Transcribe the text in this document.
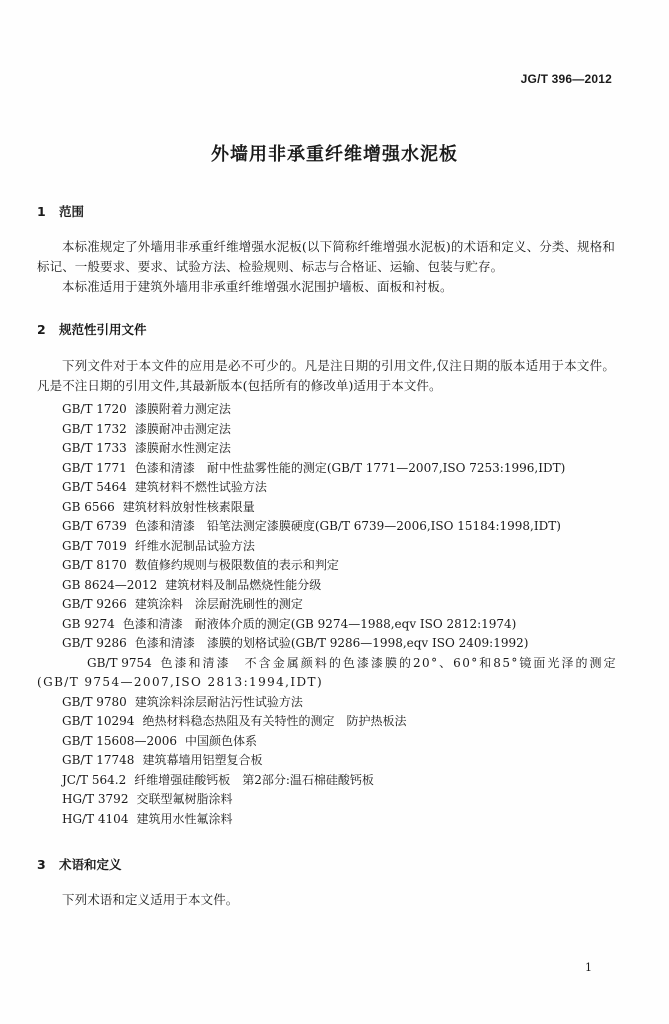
JG/T 396—2012
外墙用非承重纤维增强水泥板
1 范围
本标准规定了外墙用非承重纤维增强水泥板(以下简称纤维增强水泥板)的术语和定义、分类、规格和标记、一般要求、要求、试验方法、检验规则、标志与合格证、运输、包装与贮存。
本标准适用于建筑外墙用非承重纤维增强水泥围护墙板、面板和衬板。
2 规范性引用文件
下列文件对于本文件的应用是必不可少的。凡是注日期的引用文件,仅注日期的版本适用于本文件。凡是不注日期的引用文件,其最新版本(包括所有的修改单)适用于本文件。
GB/T 1720 漆膜附着力测定法
GB/T 1732 漆膜耐冲击测定法
GB/T 1733 漆膜耐水性测定法
GB/T 1771 色漆和清漆　耐中性盐雾性能的测定(GB/T 1771—2007,ISO 7253:1996,IDT)
GB/T 5464 建筑材料不燃性试验方法
GB 6566 建筑材料放射性核素限量
GB/T 6739 色漆和清漆　铅笔法测定漆膜硬度(GB/T 6739—2006,ISO 15184:1998,IDT)
GB/T 7019 纤维水泥制品试验方法
GB/T 8170 数值修约规则与极限数值的表示和判定
GB 8624—2012 建筑材料及制品燃烧性能分级
GB/T 9266 建筑涂料　涂层耐洗刷性的测定
GB 9274 色漆和清漆　耐液体介质的测定(GB 9274—1988,eqv ISO 2812:1974)
GB/T 9286 色漆和清漆　漆膜的划格试验(GB/T 9286—1998,eqv ISO 2409:1992)
GB/T 9754 色漆和清漆　不含金属颜料的色漆漆膜的20°、60°和85°镜面光泽的测定(GB/T 9754—2007,ISO 2813:1994,IDT)
GB/T 9780 建筑涂料涂层耐沾污性试验方法
GB/T 10294 绝热材料稳态热阻及有关特性的测定　防护热板法
GB/T 15608—2006 中国颜色体系
GB/T 17748 建筑幕墙用铝塑复合板
JC/T 564.2 纤维增强硅酸钙板　第2部分:温石棉硅酸钙板
HG/T 3792 交联型氟树脂涂料
HG/T 4104 建筑用水性氟涂料
3 术语和定义
下列术语和定义适用于本文件。
1
